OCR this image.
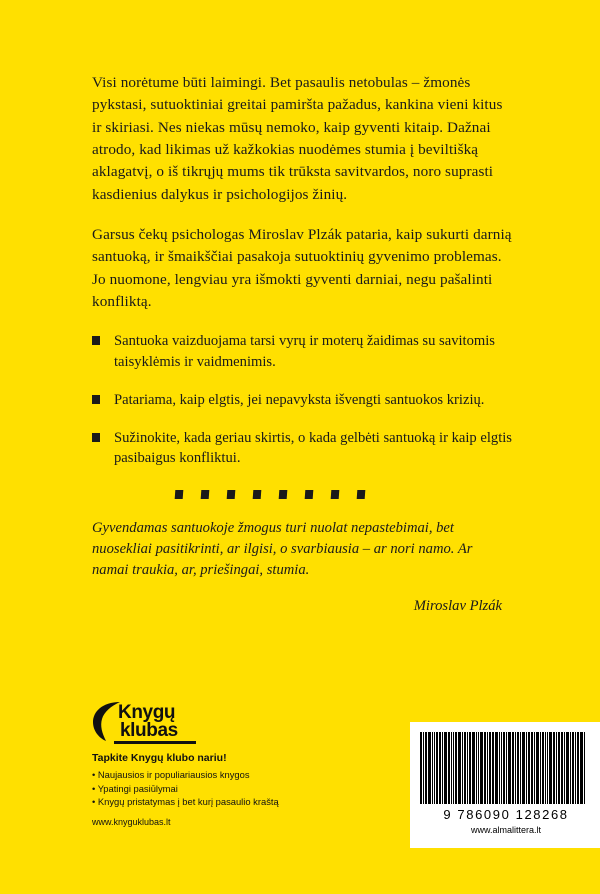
Visi norėtume būti laimingi. Bet pasaulis netobulas – žmonės pykstasi, sutuoktiniai greitai pamiršta pažadus, kankina vieni kitus ir skiriasi. Nes niekas mūsų nemoko, kaip gyventi kitaip. Dažnai atrodo, kad likimas už kažkokias nuodėmes stumia į beviltišką aklagatvį, o iš tikrųjų mums tik trūksta savitvardos, noro suprasti kasdienius dalykus ir psichologijos žinių.

Garsus čekų psichologas Miroslav Plzák pataria, kaip sukurti darnią santuoką, ir šmaikščiai pasakoja sutuoktinių gyvenimo problemas. Jo nuomone, lengviau yra išmokti gyventi darniai, negu pašalinti konfliktą.

Santuoka vaizduojama tarsi vyrų ir moterų žaidimas su savitomis taisyklėmis ir vaidmenimis.
Patariama, kaip elgtis, jei nepavyksta išvengti santuokos krizių.
Sužinokite, kada geriau skirtis, o kada gelbėti santuoką ir kaip elgtis pasibaigus konfliktui.

Gyvendamas santuokoje žmogus turi nuolat nepastebimai, bet nuosekliai pasitikrinti, ar ilgisi, o svarbiausia – ar nori namo. Ar namai traukia, ar, priešingai, stumia.

Miroslav Plzák

Knygų
klubas
Tapkite Knygų klubo nariu!
• Naujausios ir populiariausios knygos
• Ypatingi pasiūlymai
• Knygų pristatymas į bet kurį pasaulio kraštą
www.knyguklubas.lt	9 786090 128268
www.almalittera.lt
